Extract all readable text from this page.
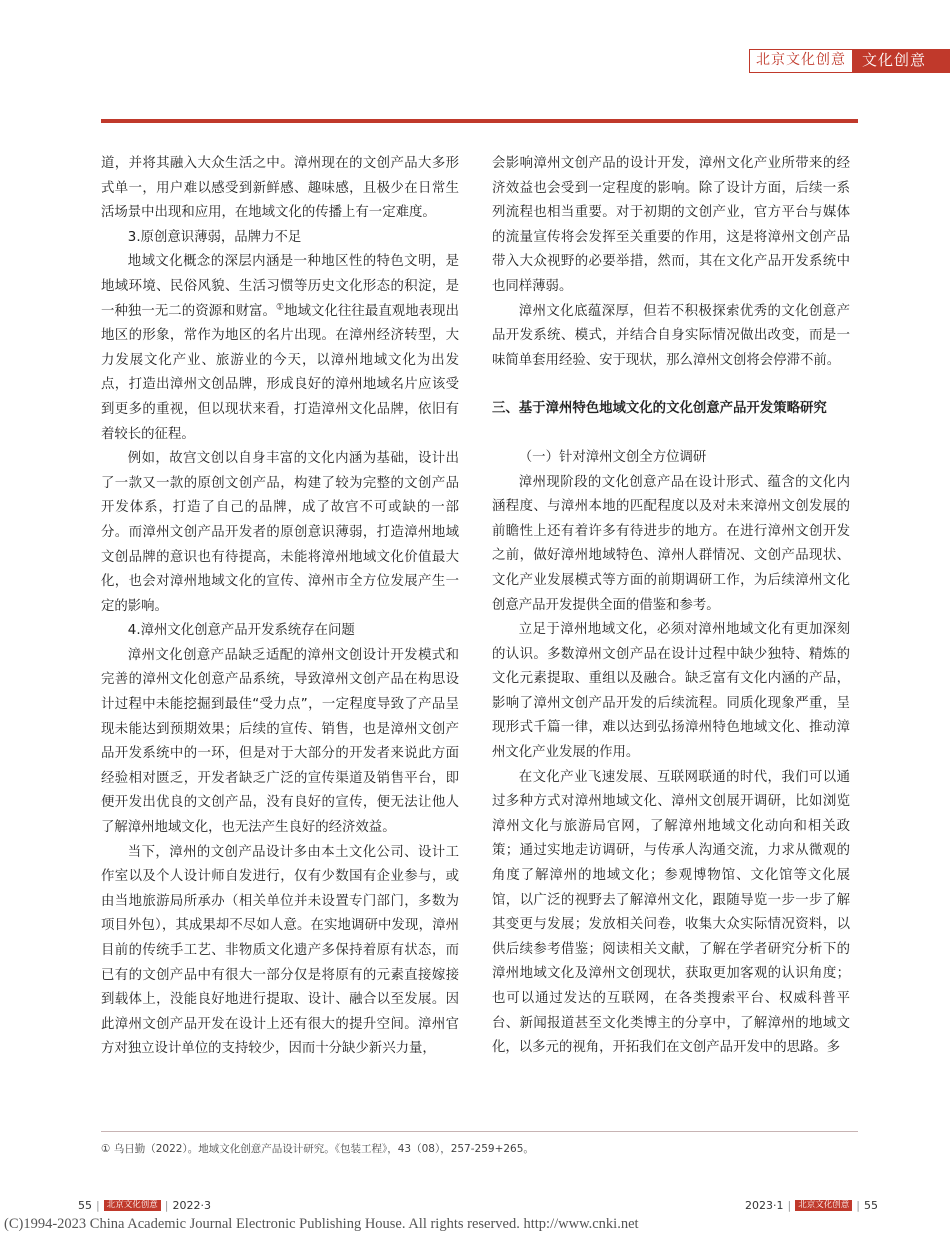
北京文化创意	文化创意

道，并将其融入大众生活之中。漳州现在的文创产品大多形式单一，用户难以感受到新鲜感、趣味感，且极少在日常生活场景中出现和应用，在地域文化的传播上有一定难度。

3.原创意识薄弱，品牌力不足

地域文化概念的深层内涵是一种地区性的特色文明，是地域环境、民俗风貌、生活习惯等历史文化形态的积淀，是一种独一无二的资源和财富。①地域文化往往最直观地表现出地区的形象，常作为地区的名片出现。在漳州经济转型，大力发展文化产业、旅游业的今天，以漳州地域文化为出发点，打造出漳州文创品牌，形成良好的漳州地域名片应该受到更多的重视，但以现状来看，打造漳州文化品牌，依旧有着较长的征程。

例如，故宫文创以自身丰富的文化内涵为基础，设计出了一款又一款的原创文创产品，构建了较为完整的文创产品开发体系，打造了自己的品牌，成了故宫不可或缺的一部分。而漳州文创产品开发者的原创意识薄弱，打造漳州地域文创品牌的意识也有待提高，未能将漳州地域文化价值最大化，也会对漳州地域文化的宣传、漳州市全方位发展产生一定的影响。

4.漳州文化创意产品开发系统存在问题

漳州文化创意产品缺乏适配的漳州文创设计开发模式和完善的漳州文化创意产品系统，导致漳州文创产品在构思设计过程中未能挖掘到最佳“受力点”，一定程度导致了产品呈现未能达到预期效果；后续的宣传、销售，也是漳州文创产品开发系统中的一环，但是对于大部分的开发者来说此方面经验相对匮乏，开发者缺乏广泛的宣传渠道及销售平台，即便开发出优良的文创产品，没有良好的宣传，便无法让他人了解漳州地域文化，也无法产生良好的经济效益。

当下，漳州的文创产品设计多由本土文化公司、设计工作室以及个人设计师自发进行，仅有少数国有企业参与，或由当地旅游局所承办（相关单位并未设置专门部门，多数为项目外包），其成果却不尽如人意。在实地调研中发现，漳州目前的传统手工艺、非物质文化遗产多保持着原有状态，而已有的文创产品中有很大一部分仅是将原有的元素直接嫁接到载体上，没能良好地进行提取、设计、融合以至发展。因此漳州文创产品开发在设计上还有很大的提升空间。漳州官方对独立设计单位的支持较少，因而十分缺少新兴力量，

会影响漳州文创产品的设计开发，漳州文化产业所带来的经济效益也会受到一定程度的影响。除了设计方面，后续一系列流程也相当重要。对于初期的文创产业，官方平台与媒体的流量宣传将会发挥至关重要的作用，这是将漳州文创产品带入大众视野的必要举措，然而，其在文化产品开发系统中也同样薄弱。

漳州文化底蕴深厚，但若不积极探索优秀的文化创意产品开发系统、模式，并结合自身实际情况做出改变，而是一味简单套用经验、安于现状，那么漳州文创将会停滞不前。

三、基于漳州特色地域文化的文化创意产品开发策略研究

（一）针对漳州文创全方位调研

漳州现阶段的文化创意产品在设计形式、蕴含的文化内涵程度、与漳州本地的匹配程度以及对未来漳州文创发展的前瞻性上还有着许多有待进步的地方。在进行漳州文创开发之前，做好漳州地域特色、漳州人群情况、文创产品现状、文化产业发展模式等方面的前期调研工作，为后续漳州文化创意产品开发提供全面的借鉴和参考。

立足于漳州地域文化，必须对漳州地域文化有更加深刻的认识。多数漳州文创产品在设计过程中缺少独特、精炼的文化元素提取、重组以及融合。缺乏富有文化内涵的产品，影响了漳州文创产品开发的后续流程。同质化现象严重，呈现形式千篇一律，难以达到弘扬漳州特色地域文化、推动漳州文化产业发展的作用。

在文化产业飞速发展、互联网联通的时代，我们可以通过多种方式对漳州地域文化、漳州文创展开调研，比如浏览漳州文化与旅游局官网，了解漳州地域文化动向和相关政策；通过实地走访调研，与传承人沟通交流，力求从微观的角度了解漳州的地域文化；参观博物馆、文化馆等文化展馆，以广泛的视野去了解漳州文化，跟随导览一步一步了解其变更与发展；发放相关问卷，收集大众实际情况资料，以供后续参考借鉴；阅读相关文献，了解在学者研究分析下的漳州地域文化及漳州文创现状，获取更加客观的认识角度；也可以通过发达的互联网，在各类搜索平台、权威科普平台、新闻报道甚至文化类博主的分享中，了解漳州的地域文化，以多元的视角，开拓我们在文创产品开发中的思路。多

① 乌日勤（2022）。地域文化创意产品设计研究。《包装工程》，43（08），257-259+265。
55 | 北京文化创意 | 2022·3	2023·1 | 北京文化创意 | 55
(C)1994-2023 China Academic Journal Electronic Publishing House. All rights reserved. http://www.cnki.net
